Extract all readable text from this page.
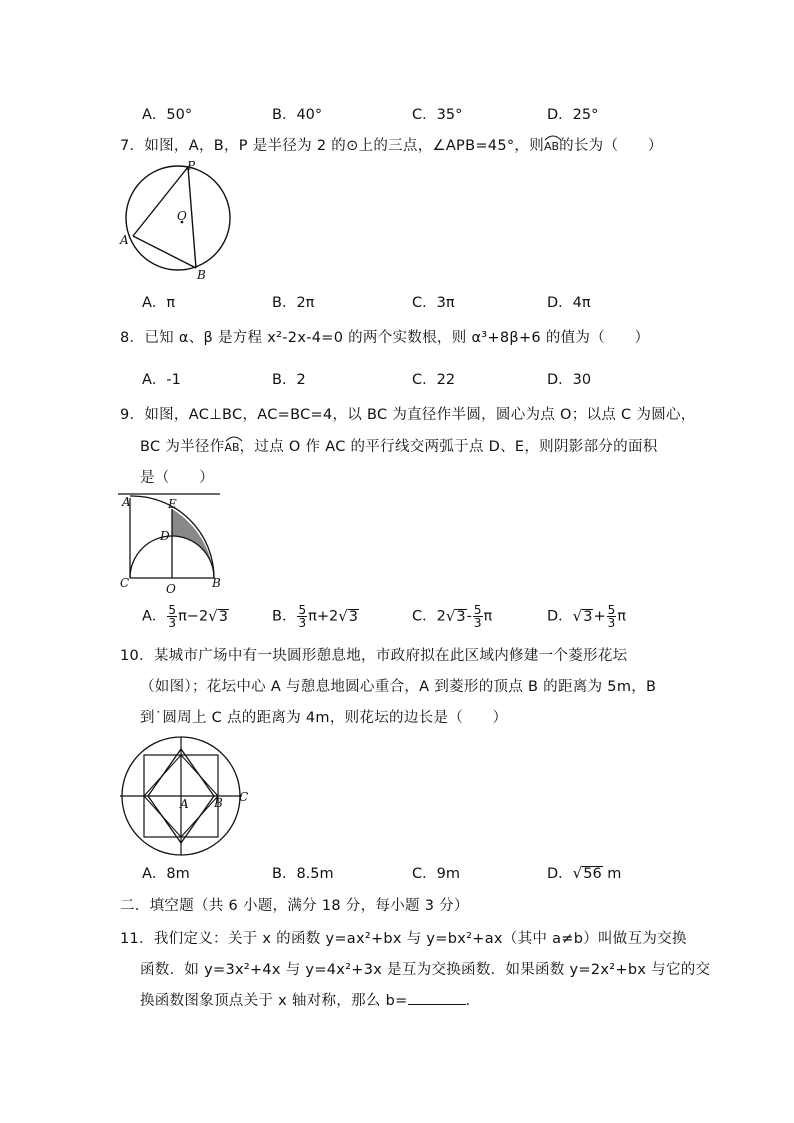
A．50°	B．40°	C．35°	D．25°
7．如图，A，B，P 是半径为 2 的⊙上的三点，∠APB=45°，则
AB的长为（　　）
P
O
A
B
A．π	B．2π	C．3π	D．4π
8．已知 α、β 是方程 x²-2x-4=0 的两个实数根，则 α³+8β+6 的值为（　　）
A．-1	B．2	C．22	D．30
9．如图，AC⊥BC，AC=BC=4，以 BC 为直径作半圆，圆心为点 O；以点 C 为圆心，
BC 为半径作
AB，过点 O 作 AC 的平行线交两弧于点 D、E，则阴影部分的面积
是（　　）
A	E
D
C	O	B
A． $\frac{5}{3} \pi-2√3$	B． $\frac{5}{3} \pi+2√3$	C．$2√3- \frac{5}{3}$ π	D．$√3+ \frac{5}{3}$ π
10．某城市广场中有一块圆形憩息地，市政府拟在此区域内修建一个菱形花坛
（如图）；花坛中心 A 与憩息地圆心重合，A 到菱形的顶点 B 的距离为 5m，B
到˙圆周上 C 点的距离为 4m，则花坛的边长是（　　）
A B C
A．8m	B．8.5m	C．9m	D．√56 m
二．填空题（共 6 小题，满分 18 分，每小题 3 分）
11．我们定义：关于 x 的函数 y=ax²+bx 与 y=bx²+ax（其中 a≠b）叫做互为交换
函数．如 y=3x²+4x 与 y=4x²+3x 是互为交换函数．如果函数 y=2x²+bx 与它的交
换函数图象顶点关于 x 轴对称，那么 b=	．
